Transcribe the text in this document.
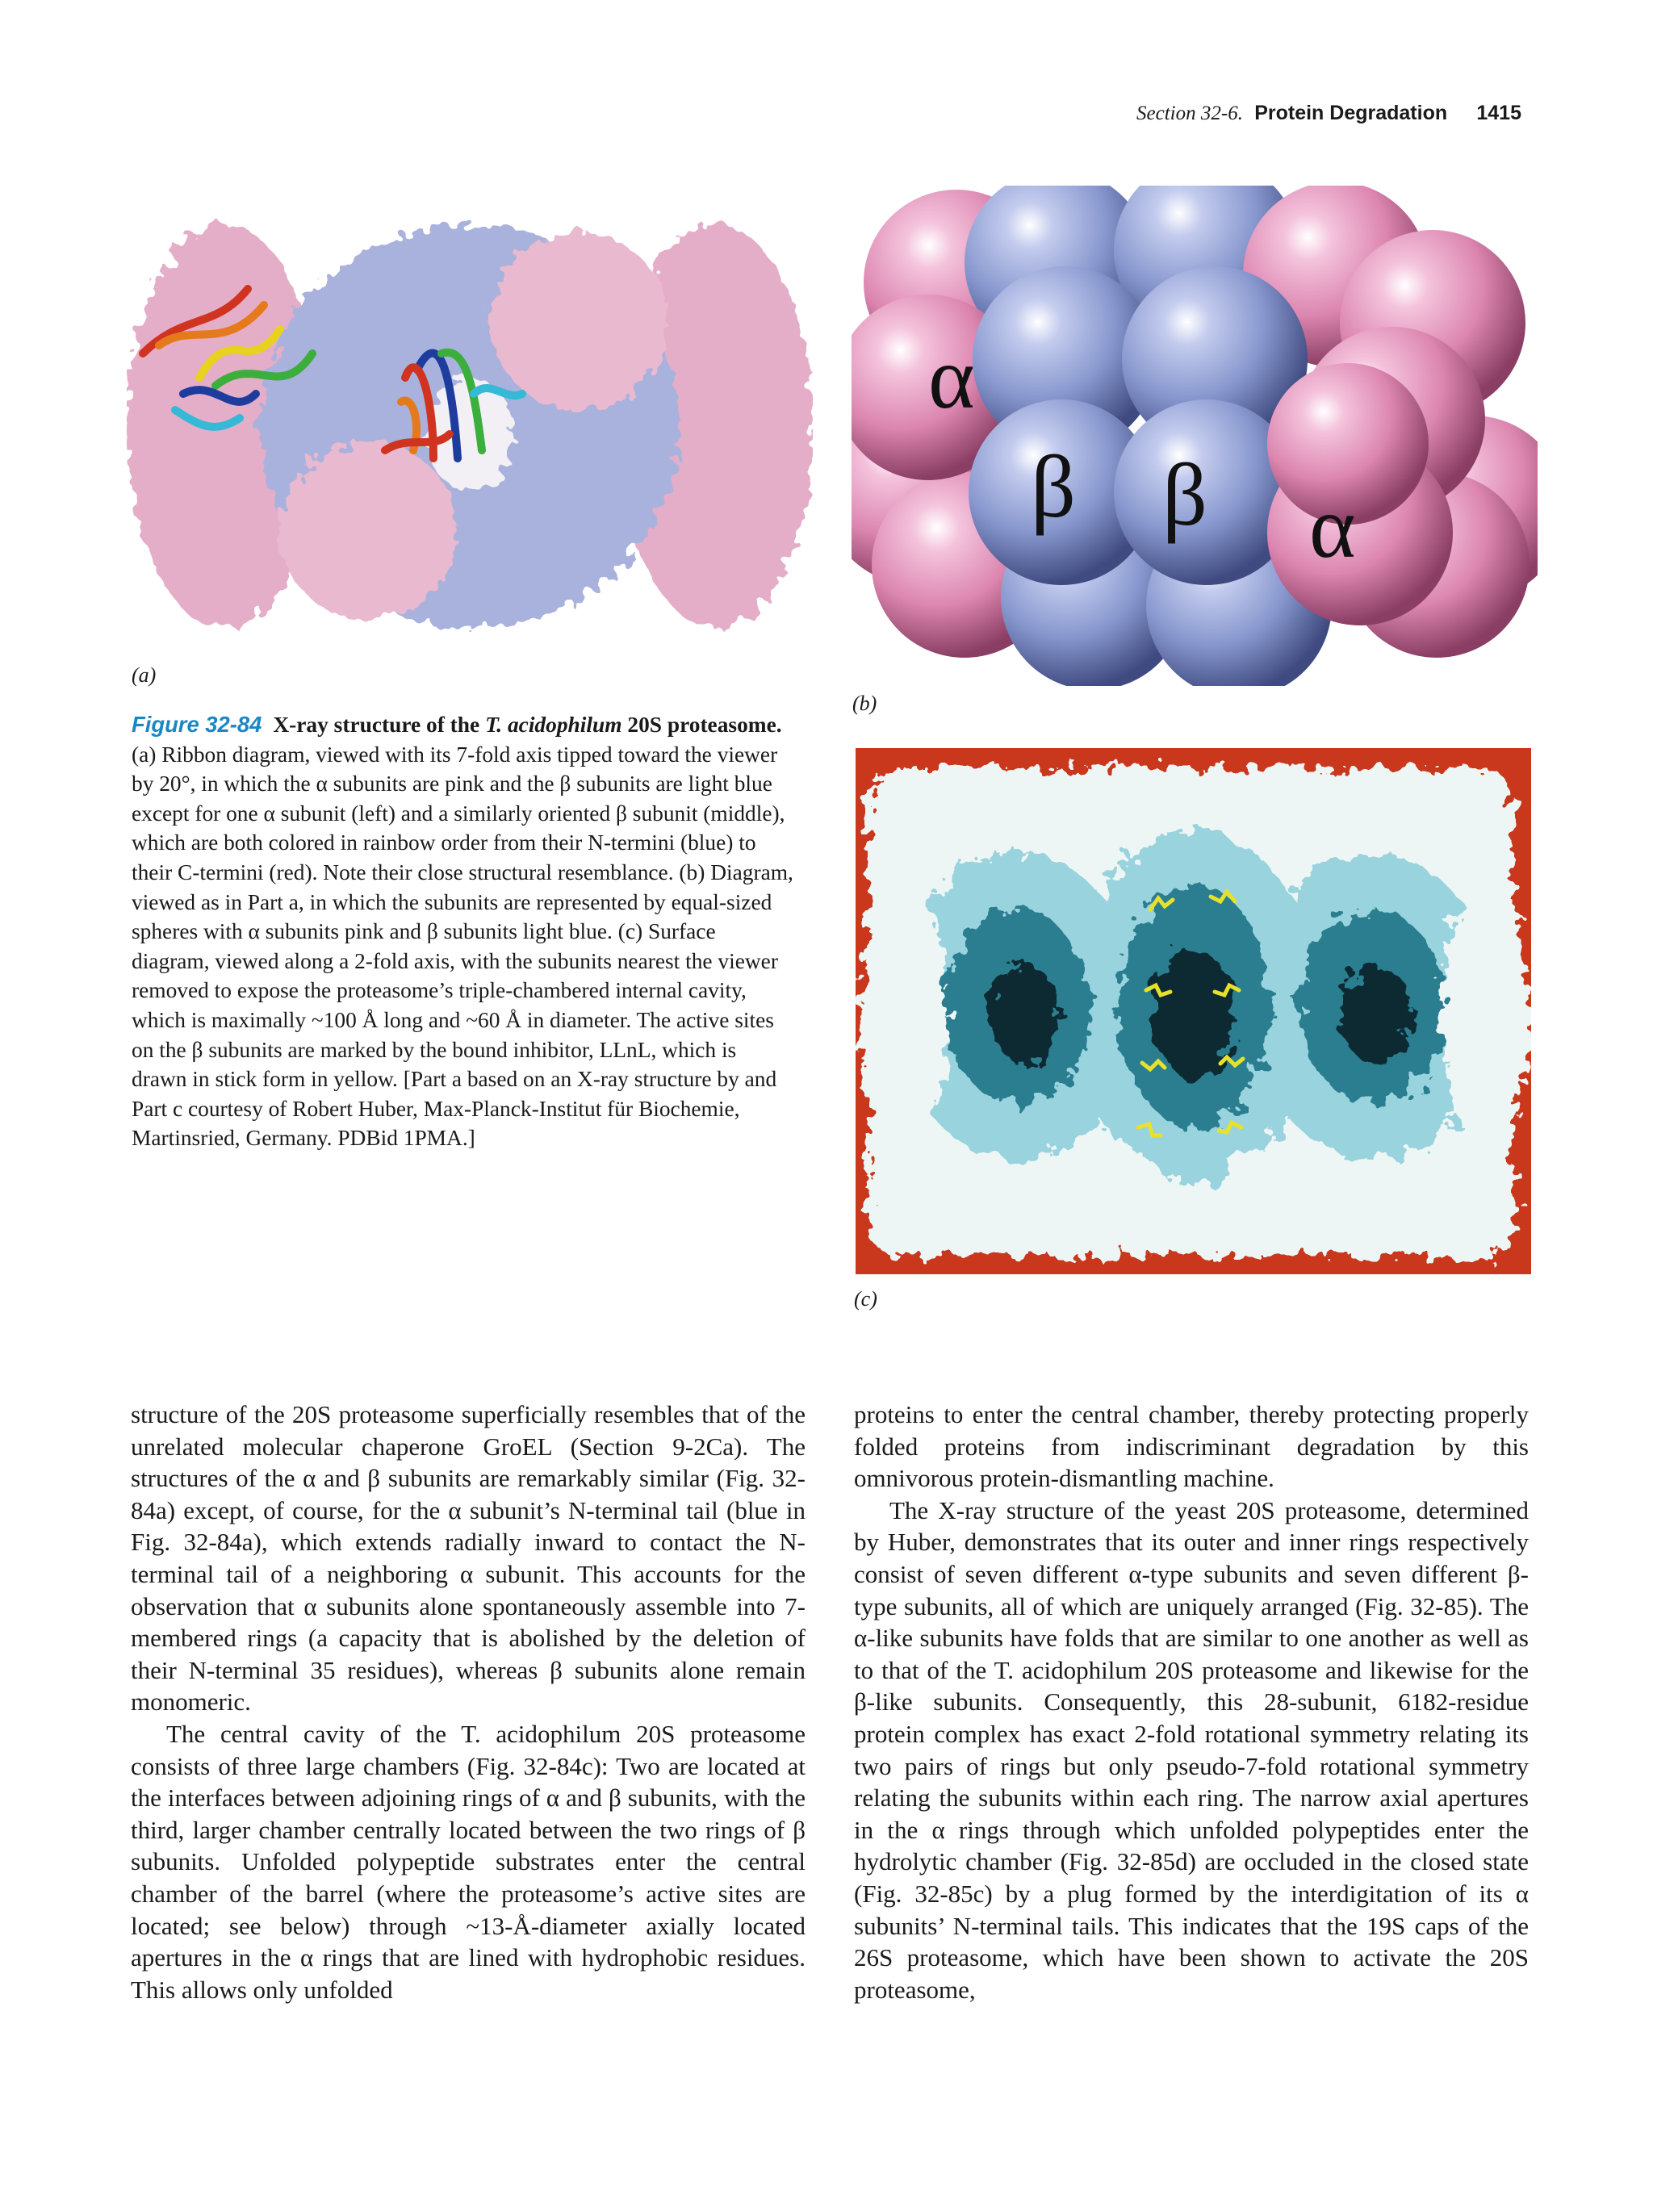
Section 32-6. Protein Degradation 1415
(a)
α
β β α
(b)
(c)
Figure 32-84 X-ray structure of the T. acidophilum 20S proteasome. (a) Ribbon diagram, viewed with its 7-fold axis tipped toward the viewer by 20°, in which the α subunits are pink and the β subunits are light blue except for one α subunit (left) and a similarly oriented β subunit (middle), which are both colored in rainbow order from their N-termini (blue) to their C-termini (red). Note their close structural resemblance. (b) Diagram, viewed as in Part a, in which the subunits are represented by equal-sized spheres with α subunits pink and β subunits light blue. (c) Surface diagram, viewed along a 2-fold axis, with the subunits nearest the viewer removed to expose the proteasome’s triple-chambered internal cavity, which is maximally ~100 Å long and ~60 Å in diameter. The active sites on the β subunits are marked by the bound inhibitor, LLnL, which is drawn in stick form in yellow. [Part a based on an X-ray structure by and Part c courtesy of Robert Huber, Max-Planck-Institut für Biochemie, Martinsried, Germany. PDBid 1PMA.]

structure of the 20S proteasome superficially resembles that of the unrelated molecular chaperone GroEL (Section 9-2Ca). The structures of the α and β subunits are remarkably similar (Fig. 32-84a) except, of course, for the α subunit’s N-terminal tail (blue in Fig. 32-84a), which extends radially inward to contact the N-terminal tail of a neighboring α subunit. This accounts for the observation that α subunits alone spontaneously assemble into 7-membered rings (a capacity that is abolished by the deletion of their N-terminal 35 residues), whereas β subunits alone remain monomeric.

The central cavity of the T. acidophilum 20S proteasome consists of three large chambers (Fig. 32-84c): Two are located at the interfaces between adjoining rings of α and β subunits, with the third, larger chamber centrally located between the two rings of β subunits. Unfolded polypeptide substrates enter the central chamber of the barrel (where the proteasome’s active sites are located; see below) through ~13-Å-diameter axially located apertures in the α rings that are lined with hydrophobic residues. This allows only unfolded

proteins to enter the central chamber, thereby protecting properly folded proteins from indiscriminant degradation by this omnivorous protein-dismantling machine.

The X-ray structure of the yeast 20S proteasome, determined by Huber, demonstrates that its outer and inner rings respectively consist of seven different α-type subunits and seven different β-type subunits, all of which are uniquely arranged (Fig. 32-85). The α-like subunits have folds that are similar to one another as well as to that of the T. acidophilum 20S proteasome and likewise for the β-like subunits. Consequently, this 28-subunit, 6182-residue protein complex has exact 2-fold rotational symmetry relating its two pairs of rings but only pseudo-7-fold rotational symmetry relating the subunits within each ring. The narrow axial apertures in the α rings through which unfolded polypeptides enter the hydrolytic chamber (Fig. 32-85d) are occluded in the closed state (Fig. 32-85c) by a plug formed by the interdigitation of its α subunits’ N-terminal tails. This indicates that the 19S caps of the 26S proteasome, which have been shown to activate the 20S proteasome,
